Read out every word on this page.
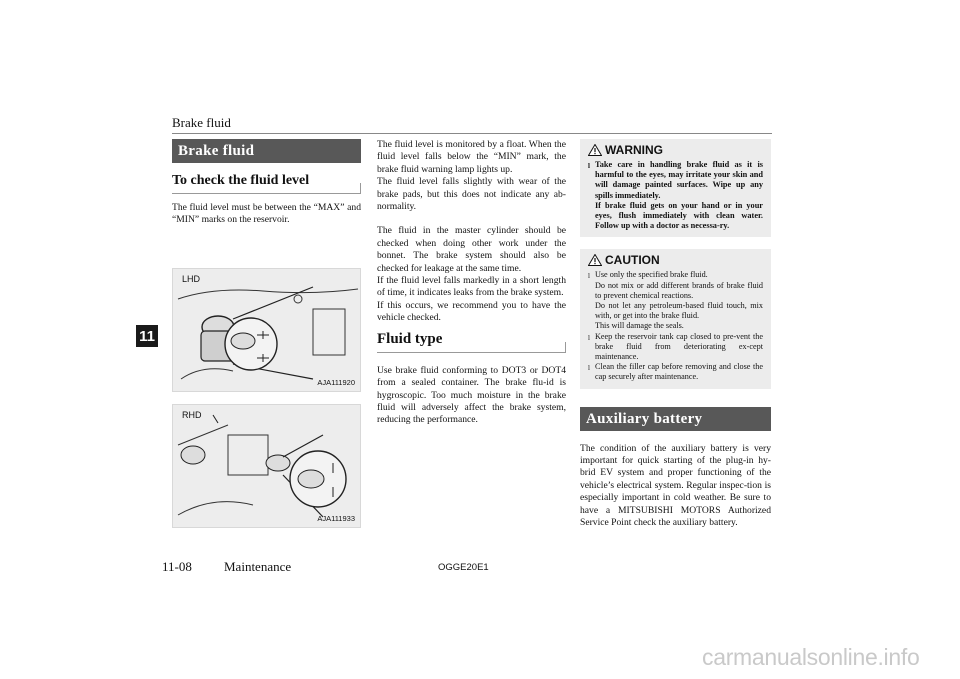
Brake fluid
11
Brake fluid
To check the fluid level

The fluid level must be between the “MAX” and “MIN” marks on the reservoir.

LHD
AJA111920
RHD
AJA111933

The fluid level is monitored by a float. When the fluid level falls below the “MIN” mark, the brake fluid warning lamp lights up.

The fluid level falls slightly with wear of the brake pads, but this does not indicate any ab-normality.

The fluid in the master cylinder should be checked when doing other work under the bonnet. The brake system should also be checked for leakage at the same time.

If the fluid level falls markedly in a short length of time, it indicates leaks from the brake system.

If this occurs, we recommend you to have the vehicle checked.

Fluid type

Use brake fluid conforming to DOT3 or DOT4 from a sealed container. The brake flu-id is hygroscopic. Too much moisture in the brake fluid will adversely affect the brake system, reducing the performance.

WARNING
l Take care in handling brake fluid as it is harmful to the eyes, may irritate your skin and will damage painted surfaces. Wipe up any spills immediately.
If brake fluid gets on your hand or in your eyes, flush immediately with clean water. Follow up with a doctor as necessa-ry.
CAUTION
l Use only the specified brake fluid.
Do not mix or add different brands of brake fluid to prevent chemical reactions.
Do not let any petroleum-based fluid touch, mix with, or get into the brake fluid.
This will damage the seals.
l Keep the reservoir tank cap closed to pre-vent the brake fluid from deteriorating ex-cept maintenance.
l Clean the filler cap before removing and close the cap securely after maintenance.
Auxiliary battery

The condition of the auxiliary battery is very important for quick starting of the plug-in hy-brid EV system and proper functioning of the vehicle’s electrical system. Regular inspec-tion is especially important in cold weather. Be sure to have a MITSUBISHI MOTORS Authorized Service Point check the auxiliary battery.

11-08 Maintenance	OGGE20E1
carmanualsonline.info
